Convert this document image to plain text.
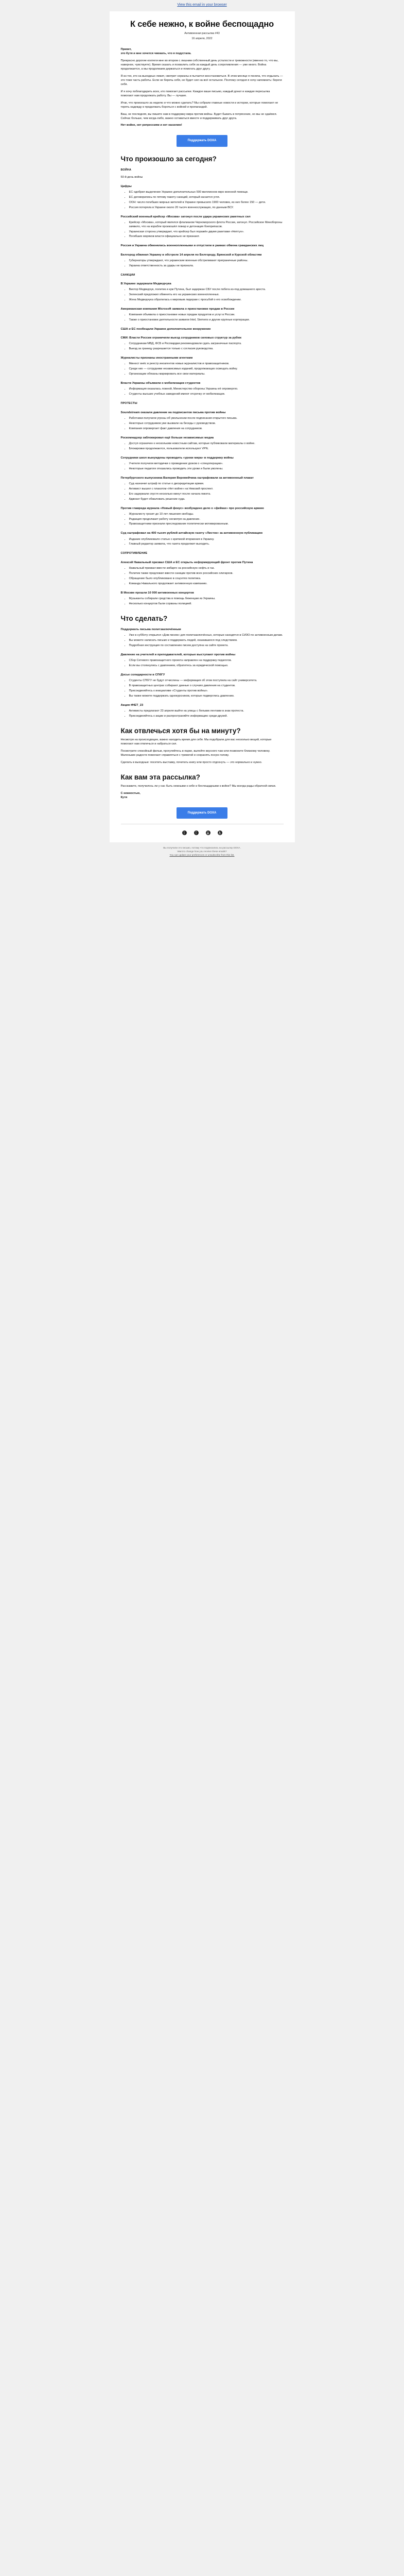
View this email in your browser
К себе нежно, к войне беспощадно
Антивоенная рассылка #43
16 апреля, 2022

Привет,

это Кутя и мне хочется чмокать, что я подустала.

Прекрасно дорогие коллеги мне во втором с лишним собственный день усталости и тревожности (именно то, что вы, наверное, чувствуете). Время сказать и похвалить себя за каждый день сопротивления — уже много. Война продолжается, а мы продолжаем держаться и помогать друг другу.

Я из тех, кто на выходных лежит, смотрит сериалы и пытается восстановиться. В этом месяце я поняла, что отдыхать — это тоже часть работы. Если не беречь себя, не будет сил на всё остальное. Поэтому сегодня я хочу напомнить: береги себя.

И я хочу поблагодарить всех, кто помогает рассылке. Каждое ваше письмо, каждый донат и каждая пересылка помогают нам продолжать работу. Вы — лучшие.

Итак, что произошло за неделю и что можно сделать? Мы собрали главные новости и истории, которые помогают не терять надежду и продолжать бороться с войной и пропагандой.

Ваш, не последняя, вы пишете нам в поддержку мира против войны. Будет бывать в потрясение, но мы не сдаёмся. Сейчас больше, чем когда-либо, важно оставаться вместе и поддерживать друг друга.

Нет войне, нет репрессиям и нет насилию!

Поддержать DOXA
Что произошло за сегодня?
ВОЙНА

50-й день войны

Цифры
• ЕС одобрил выделение Украине дополнительных 500 миллионов евро военной помощи.
• ЕС договорились по пятому пакету санкций, который касается угля.
• ООН: число погибших мирных жителей в Украине превысило 1900 человек, из них более 150 — дети.
• Россия потеряла в Украине около 20 тысяч военнослужащих, по данным ВСУ.
Российский военный крейсер «Москва» затонул после удара украинских ракетных сил
• Крейсер «Москва», который являлся флагманом Черноморского флота России, затонул. Российское Минобороны заявило, что на корабле произошёл пожар и детонация боеприпасов.
• Украинская сторона утверждает, что крейсер был поражён двумя ракетами «Нептун».
• Погибших моряков власти официально не признают.
Россия и Украина обменялись военнопленными и отпустили в рамках обмена гражданских лиц
Белгород обвинил Украину в обстреле 14 апреля по Белгороду, Брянской и Курской областям
• Губернаторы утверждают, что украинские военные обстреливают приграничные районы.
• Украина ответственность за удары не признала.
САНКЦИИ
В Украине задержали Медведчука
• Виктор Медведчук, политик и кум Путина, был задержан СБУ после побега из-под домашнего ареста.
• Зеленский предложил обменять его на украинских военнопленных.
• Жена Медведчука обратилась к мировым лидерам с просьбой о его освобождении.
Американская компания Microsoft заявила о приостановке продаж в России
• Компания объявила о приостановке новых продаж продуктов и услуг в России.
• Также о приостановке деятельности заявили Intel, Siemens и другие крупные корпорации.
США и ЕС пообещали Украине дополнительное вооружение
СМИ: Власти России ограничили выезд сотрудников силовых структур за рубеж
• Сотрудникам МВД, ФСБ и Росгвардии рекомендовали сдать заграничные паспорта.
• Выезд за границу разрешается только с согласия руководства.
Журналисты признаны иностранными агентами
• Минюст внёс в реестр иноагентов новых журналистов и правозащитников.
• Среди них — сотрудники независимых изданий, продолжающих освещать войну.
• Организации обязаны маркировать все свои материалы.
Власти Украины объявили о мобилизации студентов
• Информация оказалась ложной, Министерство обороны Украины её опровергло.
• Студенты высших учебных заведений имеют отсрочку от мобилизации.
ПРОТЕСТЫ
Soundstream оказали давление на подписантов письма против войны
• Работники получили угрозы об увольнении после подписания открытого письма.
• Некоторых сотрудников уже вызвали на беседы с руководством.
• Компания опровергает факт давления на сотрудников.
Роскомнадзор заблокировал ещё больше независимых медиа
• Доступ ограничен к нескольким новостным сайтам, которые публиковали материалы о войне.
• Блокировки продолжаются, пользователи используют VPN.
Сотрудники школ вынуждены проводить «уроки мира» в поддержку войны
• Учителя получили методички о проведении уроков о «спецоперации».
• Некоторые педагоги отказались проводить эти уроки и были уволены.
Петербургского выпускника Валерия Веремейчика оштрафовали за антивоенный плакат
• Суд назначил штраф по статье о дискредитации армии.
• Активист вышел с плакатом «Нет войне» на Невский проспект.
• Его задержали спустя несколько минут после начала пикета.
• Адвокат будет обжаловать решение суда.
Против главреда журнала «Новый фокус» возбуждено дело о «фейках» про российскую армию
• Журналисту грозит до 10 лет лишения свободы.
• Редакция продолжает работу несмотря на давление.
• Правозащитники признали преследование политически мотивированным.
Суд оштрафовал на 400 тысяч рублей алтайскую газету «Листок» за антивоенную публикацию
• Издание опубликовало статью с критикой вторжения в Украину.
• Главный редактор заявила, что газета продолжит выходить.
СОПРОТИВЛЕНИЕ
Алексей Навальный призвал США и ЕС открыть неформирующий фронт против Путина
• Навальный призвал ввести эмбарго на российскую нефть и газ.
• Политик также предложил ввести санкции против всех российских олигархов.
• Обращение было опубликовано в соцсетях политика.
• Команда Навального продолжает антивоенную кампанию.
В Москве прошли 10 000 антивоенных концертов
• Музыканты собирали средства в помощь беженцам из Украины.
• Несколько концертов были сорваны полицией.
Что сделать?
Поддержать письма политзаключённым
• Уже в субботу открылся «Дом писем» для политзаключённых, которые находятся в СИЗО по антивоенным делам.
• Вы можете написать письмо и поддержать людей, оказавшихся под следствием.
• Подробная инструкция по составлению писем доступна на сайте проекта.
Давление на учителей и преподавателей, которые выступают против войны
• Сбор Сетевого правозащитного проекта направлен на поддержку педагогов.
• Если вы столкнулись с давлением, обратитесь за юридической помощью.
Досье солидарности в СПбГУ
• Студенты СПбГУ не будут отчислены — информация об этом поступила на сайт университета.
• В правозащитных центрах собирают данные о случаях давления на студентов.
• Присоединяйтесь к инициативе «Студенты против войны».
• Вы также можете поддержать однокурсников, которые подверглись давлению.
Акция #НЕТ_23
• Активисты предлагают 23 апреля выйти на улицы с белыми лентами в знак протеста.
• Присоединяйтесь к акции и распространяйте информацию среди друзей.
Как отвлечься хотя бы на минуту?

Несмотря на происходящее, важно находить время для себя. Мы подобрали для вас несколько вещей, которые помогают нам отвлечься и набраться сил.

Посмотрите спокойный фильм, прогуляйтесь в парке, выпейте вкусного чаю или позвоните близкому человеку. Маленькие радости помогают справляться с тревогой и сохранять ясную голову.

Сделать в выходные: посетить выставку, почитать книгу или просто отдохнуть — это нормально и нужно.

Как вам эта рассылка?

Расскажите, получилось ли у нас быть нежными к себе и беспощадными к войне? Мы всегда рады обратной связи.

С нежностью,

Кутя

Поддержать DOXA
t	f	◎	➤
Вы получили это письмо, потому что подписались на рассылку DOXA.
Want to change how you receive these emails?
You can update your preferences or unsubscribe from this list.
